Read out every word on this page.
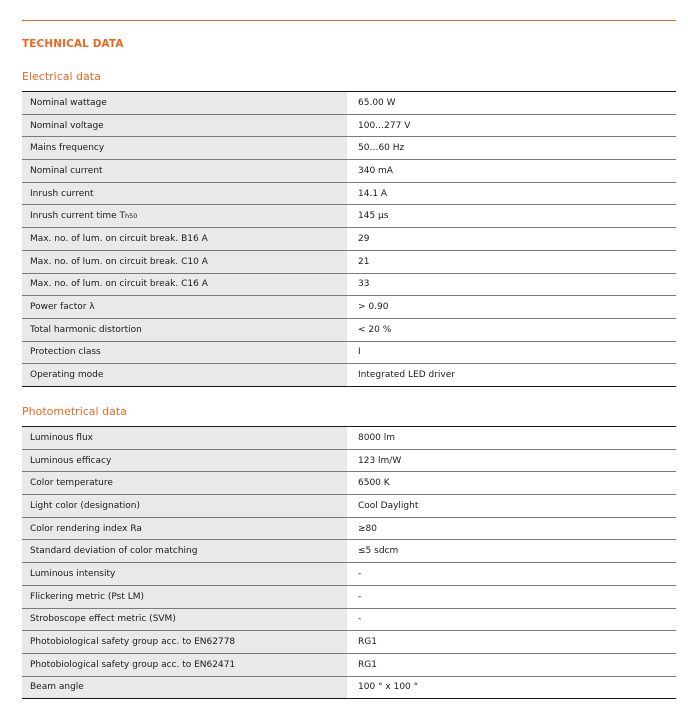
TECHNICAL DATA
Electrical data
Nominal wattage	65.00 W
Nominal voltage	100…277 V
Mains frequency	50…60 Hz
Nominal current	340 mA
Inrush current	14.1 A
Inrush current time T h50	145 µs
Max. no. of lum. on circuit break. B16 A	29
Max. no. of lum. on circuit break. C10 A	21
Max. no. of lum. on circuit break. C16 A	33
Power factor λ	> 0.90
Total harmonic distortion	< 20 %
Protection class	I
Operating mode	Integrated LED driver
Photometrical data
Luminous flux	8000 lm
Luminous efficacy	123 lm/W
Color temperature	6500 K
Light color (designation)	Cool Daylight
Color rendering index Ra	≥80
Standard deviation of color matching	≤5 sdcm
Luminous intensity	-
Flickering metric (Pst LM)	-
Stroboscope effect metric (SVM)	-
Photobiological safety group acc. to EN62778	RG1
Photobiological safety group acc. to EN62471	RG1
Beam angle	100 ° x 100 °
